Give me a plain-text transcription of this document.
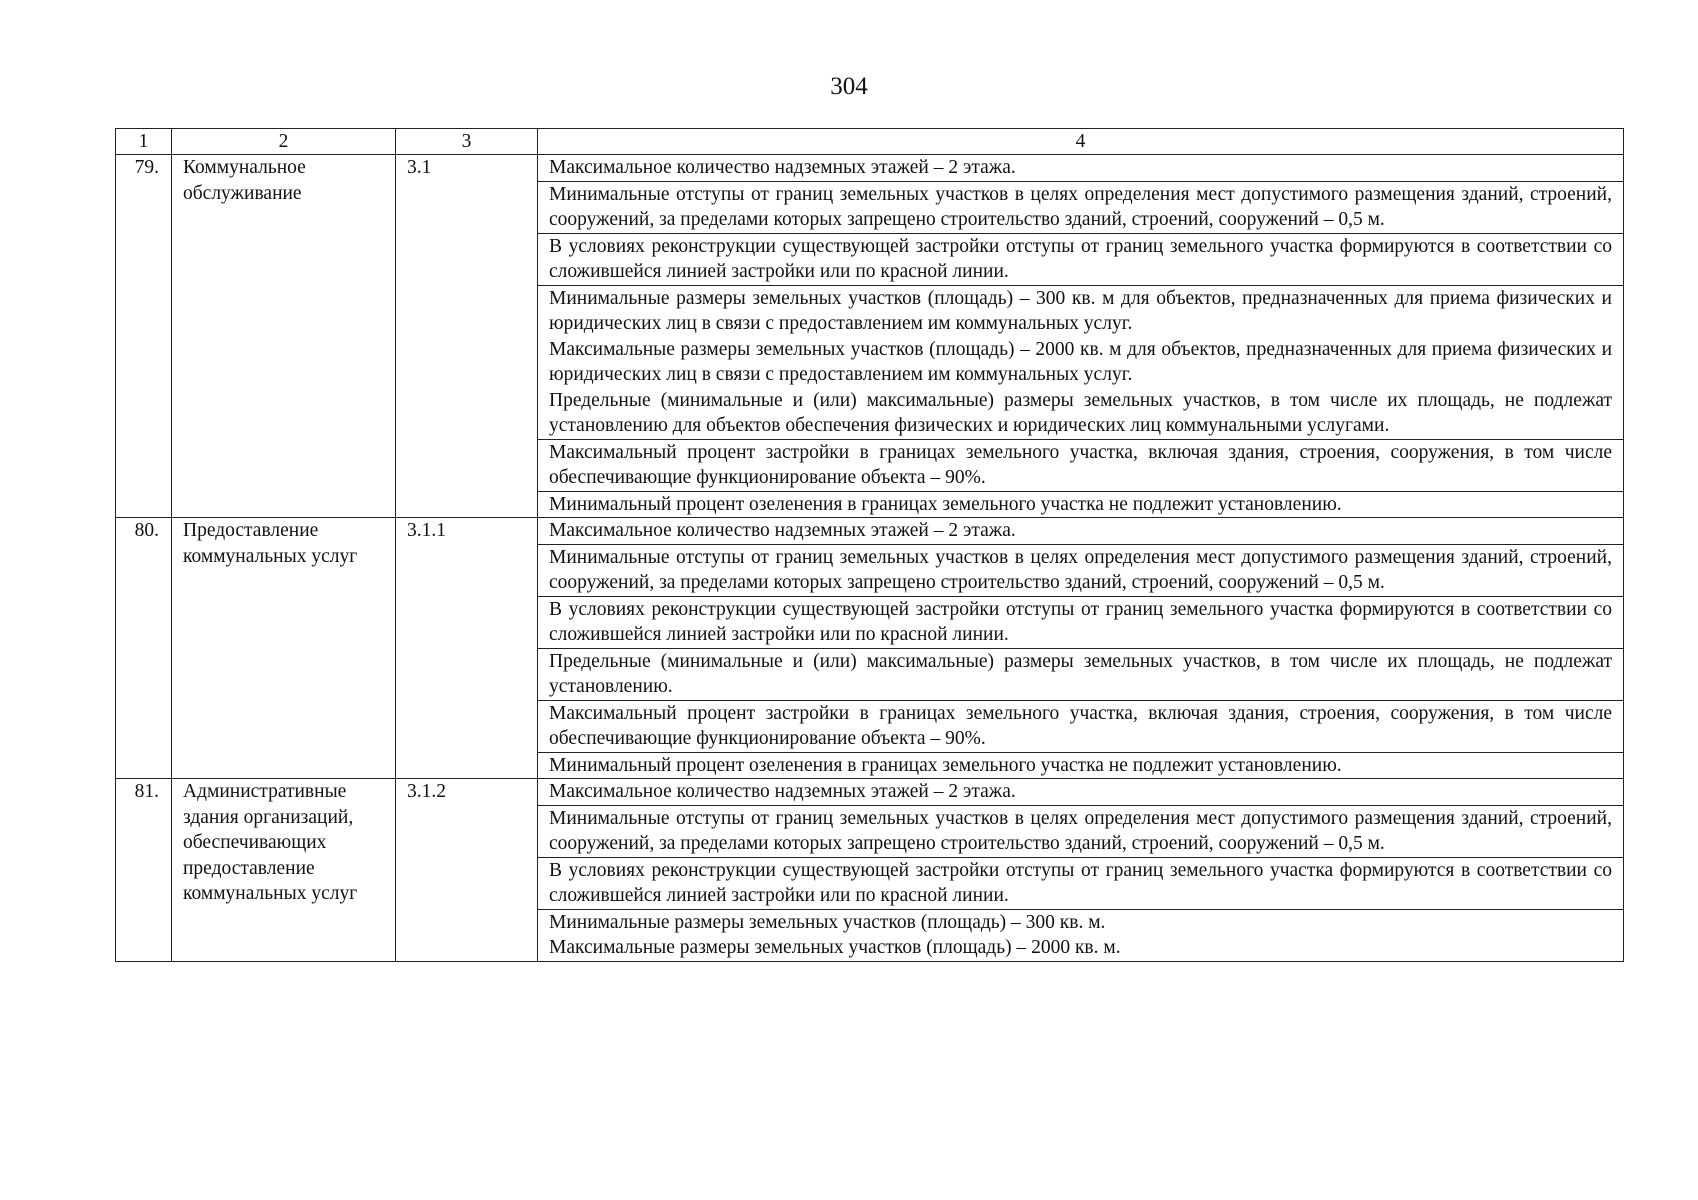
304
1	2	3	4
79.	Коммунальное обслуживание	3.1	Максимальное количество надземных этажей – 2 этажа.

			Минимальные отступы от границ земельных участков в целях определения мест допустимого размещения зданий, строений, сооружений, за пределами которых запрещено строительство зданий, строений, сооружений – 0,5 м.

			В условиях реконструкции существующей застройки отступы от границ земельного участка формируются в соответствии со сложившейся линией застройки или по красной линии.

			Минимальные размеры земельных участков (площадь) – 300 кв. м для объектов, предназначенных для приема физических и юридических лиц в связи с предоставлением им коммунальных услуг.
Максимальные размеры земельных участков (площадь) – 2000 кв. м для объектов, предназначенных для приема физических и юридических лиц в связи с предоставлением им коммунальных услуг.
Предельные (минимальные и (или) максимальные) размеры земельных участков, в том числе их площадь, не подлежат установлению для объектов обеспечения физических и юридических лиц коммунальными услугами.

			Максимальный процент застройки в границах земельного участка, включая здания, строения, сооружения, в том числе обеспечивающие функционирование объекта – 90%.

			Минимальный процент озеленения в границах земельного участка не подлежит установлению.

80.	Предоставление коммунальных услуг	3.1.1	Максимальное количество надземных этажей – 2 этажа.

			Минимальные отступы от границ земельных участков в целях определения мест допустимого размещения зданий, строений, сооружений, за пределами которых запрещено строительство зданий, строений, сооружений – 0,5 м.

			В условиях реконструкции существующей застройки отступы от границ земельного участка формируются в соответствии со сложившейся линией застройки или по красной линии.

			Предельные (минимальные и (или) максимальные) размеры земельных участков, в том числе их площадь, не подлежат установлению.

			Максимальный процент застройки в границах земельного участка, включая здания, строения, сооружения, в том числе обеспечивающие функционирование объекта – 90%.

			Минимальный процент озеленения в границах земельного участка не подлежит установлению.

81.	Административные здания организаций, обеспечивающих предоставление коммунальных услуг	3.1.2	Максимальное количество надземных этажей – 2 этажа.

			Минимальные отступы от границ земельных участков в целях определения мест допустимого размещения зданий, строений, сооружений, за пределами которых запрещено строительство зданий, строений, сооружений – 0,5 м.

			В условиях реконструкции существующей застройки отступы от границ земельного участка формируются в соответствии со сложившейся линией застройки или по красной линии.

			Минимальные размеры земельных участков (площадь) – 300 кв. м.
Максимальные размеры земельных участков (площадь) – 2000 кв. м.
